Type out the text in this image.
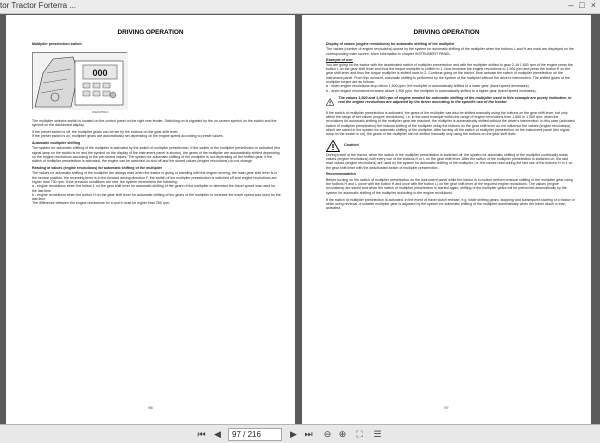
tor Tractor Forterra ...	– □ ×
DRIVING OPERATION

Multiplier preselection switch

000
PAE0185622

The multiplier selector switch is located on the control panel on the right rear fender. Switching on is signaled by the on-screen symbol on the switch and the symbol on the dashboard display.

If the preset switch is off, the multiplier gears can be set by the buttons on the gear shift lever.

If the preset switch is on, multiplier gears are automatically set depending on the engine speed according to preset values.

Automatic multiplier shifting

The system for automatic shifting of the multiplier is activated by the switch of multiplier preselection. If the switch of the multiplier preselection is activated (the signal lamp on the switch is on and the symbol on the display of the instrument panel is shown), the gears of the multiplier are automatically shifted depending on the engine revolutions according to the pre-stored values. The system for automatic shifting of the multiplier is not depending on the shifted gear. If the switch of multiplier preselection is activated, the engine can be switched on and off and the stored values (engine revolutions) do not change.

Reading of values (engine revolutions) for automatic shifting of the multiplier

The values for automatic shifting of the multiplier are always read when the tractor is going or standing with the engine running, the main gear shift lever is in the neutral position, the reversing lever is in the forward driving direction F, the switch of the multiplier preselection is switched off and engine revolutions are higher than 700 rpm. If the previous conditions are met, the system remembers the following:

a - engine revolutions when the button L on the gear shift lever for automatic shifting of the gears of the multiplier to decrease the travel speed was used for the last time

b - engine revolutions when the button H on the gear shift lever for automatic shifting of the gears of the multiplier to increase the travel speed was used for the last time

The difference between the engine revolutions for a and b must be higher than 250 rpm.

96
DRIVING OPERATION

Display of values (engine revolutions) for automatic shifting of the multiplier

The values (number of engine revolutions) stored by the system for automatic shifting of the multiplier when the buttons L and H are used are displayed on the corresponding main screen. More information in chapter INSTRUMENT PANEL.

Example of use:

You are going on the tractor with the deactivated switch of multiplier preselection and with the multiplier shifted to gear 2. At 1,600 rpm of the engine press the button L on the gear shift lever and thus the torque multiplier is shifted to 1. Now increase the engine revolutions to 1,900 rpm and press the button H on the gear shift lever and thus the torque multiplier is shifted back to 2. Continue going on the tractor. Now activate the switch of multiplier preselection on the instrument panel. From this moment, automatic shifting is performed by the system of the multiplier without the driver's intervention. The shifted gears of the multiplier torque are as follows:

a - when engine revolutions drop below 1,600 ppm, the multiplier is automatically shifted to a lower gear (travel speed decreases)

b - when engine revolutions increase above 1,900 ppm, the multiplier is automatically shifted to a higher gear (travel speed increases).

The values 1,600 and 1,900 rpm of engine needed for automatic shifting of the multiplier used in this example are purely indicative, in real the engine revolutions are adjusted by the driver according to the specific use of the tractor.

If the switch of multiplier preselection is activated, the gears of the multiplier can also be shifted manually using the buttons on the gear shift lever, but only within the range of set values (engine revolutions), i.e. in the used example within the range of engine revolutions from 1,600 to 1,900 rpm; when the revolutions for automatic shifting of the multiplier gear are reached, the multiplier is automatically shifted without the driver's intervention. In this case (activated switch of multiplier preselection) the manual shifting of the multiplier using the buttons on the gear shift lever do not influence the values (engine revolutions) which are saved in the system for automatic shifting of the multiplier. After turning off the switch of multiplier preselection on the instrument panel (the signal lamp on the switch is on), the gears of the multiplier can be shifted manually only using the buttons on the gear shift lever.

Caution!

During travel of the tractor, when the switch of the multiplier preselection is switched off, the system for automatic shifting of the multiplier continually reads values (engine revolutions) with every use of the buttons H or L on the gear shift lever. After the switch of the multiplier preselection is switched on, the last read values (engine revolutions) are used by the system for automatic shifting of the multiplier, i.e. the values read during the last use of the buttons H or L on the gear shift lever with the deactivated switch of multiplier preselection.

Recommendation

Before turning on the switch of multiplier preselection on the instrument panel while the tractor is in motion perform manual shifting of the multiplier gear using the buttons H and L (once with the button H and once with the button L) on the gear shift lever at the required engine revolutions. The values (engine revolutions) are saved and when the switch of multiplier preselection is started again, shifting of the multiplier gears will be performed automatically by the system for automatic shifting of the multiplier according to the engine revolutions.

If the switch of multiplier preselection is activated, in the event of travel clutch release, e.g. while shifting gears, stopping and subsequent starting of a tractor or while using reversal, a suitable multiplier gear is adjusted by the system for automatic shifting of the multiplier automatically when the travel clutch is then activated.

97
⏮ ◀	97 / 216	▶ ⏭ ⊖ ⊕ ⛶ ☰
